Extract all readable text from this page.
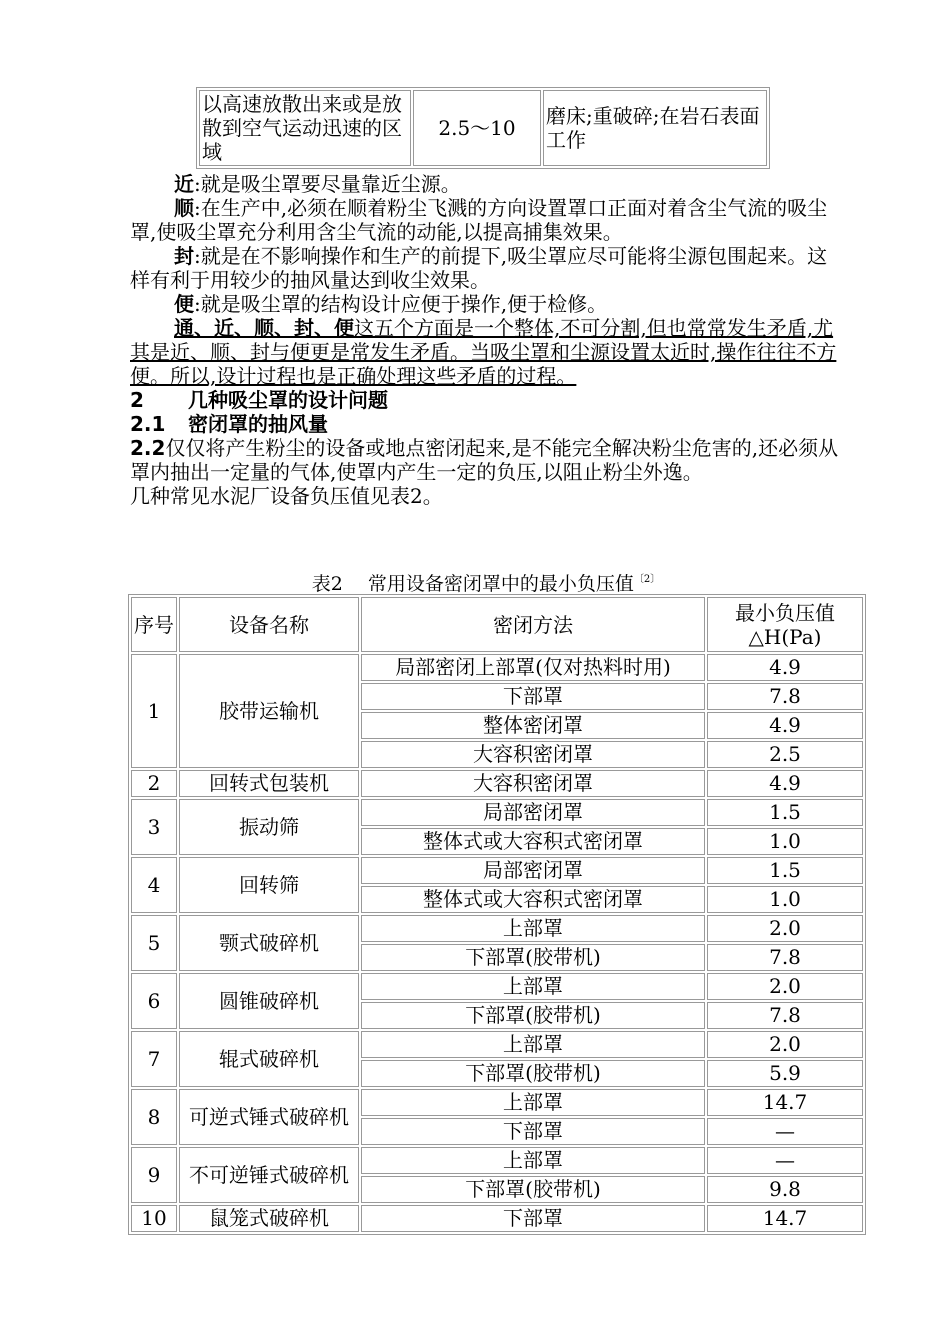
以高速放散出来或是放散到空气运动迅速的区域	2.5～10	磨床;重破碎;在岩石表面工作

近:就是吸尘罩要尽量靠近尘源。

顺:在生产中,必须在顺着粉尘飞溅的方向设置罩口正面对着含尘气流的吸尘罩,使吸尘罩充分利用含尘气流的动能,以提高捕集效果。

封:就是在不影响操作和生产的前提下,吸尘罩应尽可能将尘源包围起来。这样有利于用较少的抽风量达到收尘效果。

便:就是吸尘罩的结构设计应便于操作,便于检修。

通、近、顺、封、便这五个方面是一个整体,不可分割,但也常常发生矛盾,尤其是近、顺、封与便更是常发生矛盾。当吸尘罩和尘源设置太近时,操作往往不方便。所以,设计过程也是正确处理这些矛盾的过程。

2 几种吸尘罩的设计问题

2.1 密闭罩的抽风量

2.2仅仅将产生粉尘的设备或地点密闭起来,是不能完全解决粉尘危害的,还必须从罩内抽出一定量的气体,使罩内产生一定的负压,以阻止粉尘外逸。

几种常见水泥厂设备负压值见表2。

表2　 常用设备密闭罩中的最小负压值$^{〔2〕}$
序号	设备名称	密闭方法	最小负压值
△H(Pa)
1	胶带运输机	局部密闭上部罩(仅对热料时用)	4.9
		下部罩	7.8
		整体密闭罩	4.9
		大容积密闭罩	2.5
2	回转式包装机	大容积密闭罩	4.9
3	振动筛	局部密闭罩	1.5
		整体式或大容积式密闭罩	1.0
4	回转筛	局部密闭罩	1.5
		整体式或大容积式密闭罩	1.0
5	颚式破碎机	上部罩	2.0
		下部罩(胶带机)	7.8
6	圆锥破碎机	上部罩	2.0
		下部罩(胶带机)	7.8
7	辊式破碎机	上部罩	2.0
		下部罩(胶带机)	5.9
8	可逆式锤式破碎机	上部罩	14.7
		下部罩	—
9	不可逆锤式破碎机	上部罩	—
		下部罩(胶带机)	9.8
10	鼠笼式破碎机	下部罩	14.7
